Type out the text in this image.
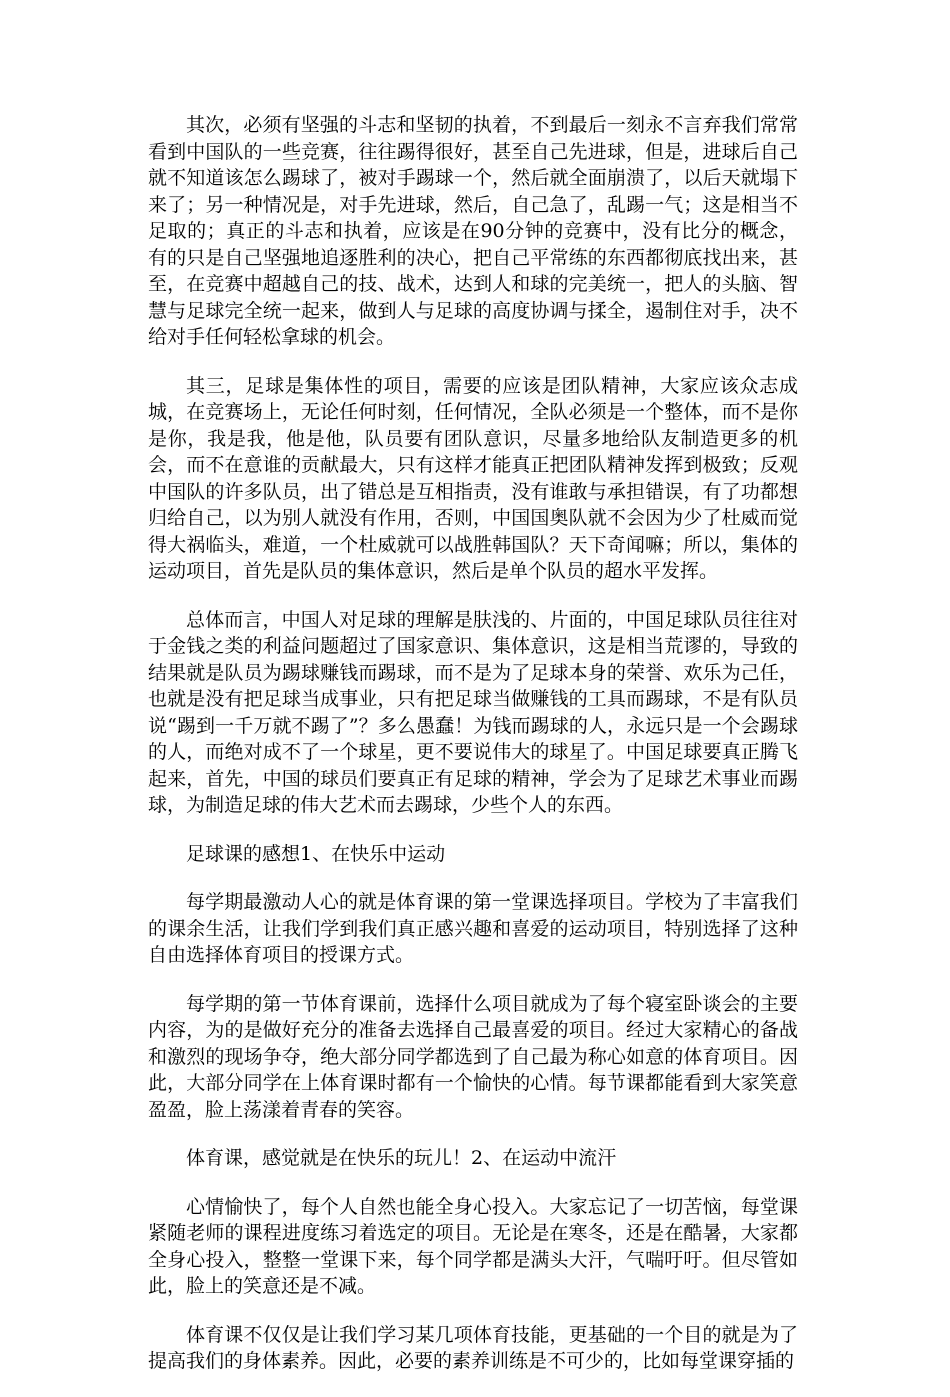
其次，必须有坚强的斗志和坚韧的执着，不到最后一刻永不言弃我们常常看到中国队的一些竞赛，往往踢得很好，甚至自己先进球，但是，进球后自己就不知道该怎么踢球了，被对手踢球一个，然后就全面崩溃了，以后天就塌下来了；另一种情况是，对手先进球，然后，自己急了，乱踢一气；这是相当不足取的；真正的斗志和执着，应该是在90分钟的竞赛中，没有比分的概念，有的只是自己坚强地追逐胜利的决心，把自己平常练的东西都彻底找出来，甚至，在竞赛中超越自己的技、战术，达到人和球的完美统一，把人的头脑、智慧与足球完全统一起来，做到人与足球的高度协调与揉全，遏制住对手，决不给对手任何轻松拿球的机会。

其三，足球是集体性的项目，需要的应该是团队精神，大家应该众志成城，在竞赛场上，无论任何时刻，任何情况，全队必须是一个整体，而不是你是你，我是我，他是他，队员要有团队意识，尽量多地给队友制造更多的机会，而不在意谁的贡献最大，只有这样才能真正把团队精神发挥到极致；反观中国队的许多队员，出了错总是互相指责，没有谁敢与承担错误，有了功都想归给自己，以为别人就没有作用，否则，中国国奥队就不会因为少了杜威而觉得大祸临头，难道，一个杜威就可以战胜韩国队？天下奇闻嘛；所以，集体的运动项目，首先是队员的集体意识，然后是单个队员的超水平发挥。

总体而言，中国人对足球的理解是肤浅的、片面的，中国足球队员往往对于金钱之类的利益问题超过了国家意识、集体意识，这是相当荒谬的，导致的结果就是队员为踢球赚钱而踢球，而不是为了足球本身的荣誉、欢乐为己任，也就是没有把足球当成事业，只有把足球当做赚钱的工具而踢球，不是有队员说“踢到一千万就不踢了”？多么愚蠢！为钱而踢球的人，永远只是一个会踢球的人，而绝对成不了一个球星，更不要说伟大的球星了。中国足球要真正腾飞起来，首先，中国的球员们要真正有足球的精神，学会为了足球艺术事业而踢球，为制造足球的伟大艺术而去踢球，少些个人的东西。

足球课的感想1、在快乐中运动

每学期最激动人心的就是体育课的第一堂课选择项目。学校为了丰富我们的课余生活，让我们学到我们真正感兴趣和喜爱的运动项目，特别选择了这种自由选择体育项目的授课方式。

每学期的第一节体育课前，选择什么项目就成为了每个寝室卧谈会的主要内容，为的是做好充分的准备去选择自己最喜爱的项目。经过大家精心的备战和激烈的现场争夺，绝大部分同学都选到了自己最为称心如意的体育项目。因此，大部分同学在上体育课时都有一个愉快的心情。每节课都能看到大家笑意盈盈，脸上荡漾着青春的笑容。

体育课，感觉就是在快乐的玩儿！2、在运动中流汗

心情愉快了，每个人自然也能全身心投入。大家忘记了一切苦恼，每堂课紧随老师的课程进度练习着选定的项目。无论是在寒冬，还是在酷暑，大家都全身心投入，整整一堂课下来，每个同学都是满头大汗，气喘吁吁。但尽管如此，脸上的笑意还是不减。

体育课不仅仅是让我们学习某几项体育技能，更基础的一个目的就是为了提高我们的身体素养。因此，必要的素养训练是不可少的，比如每堂课穿插的
